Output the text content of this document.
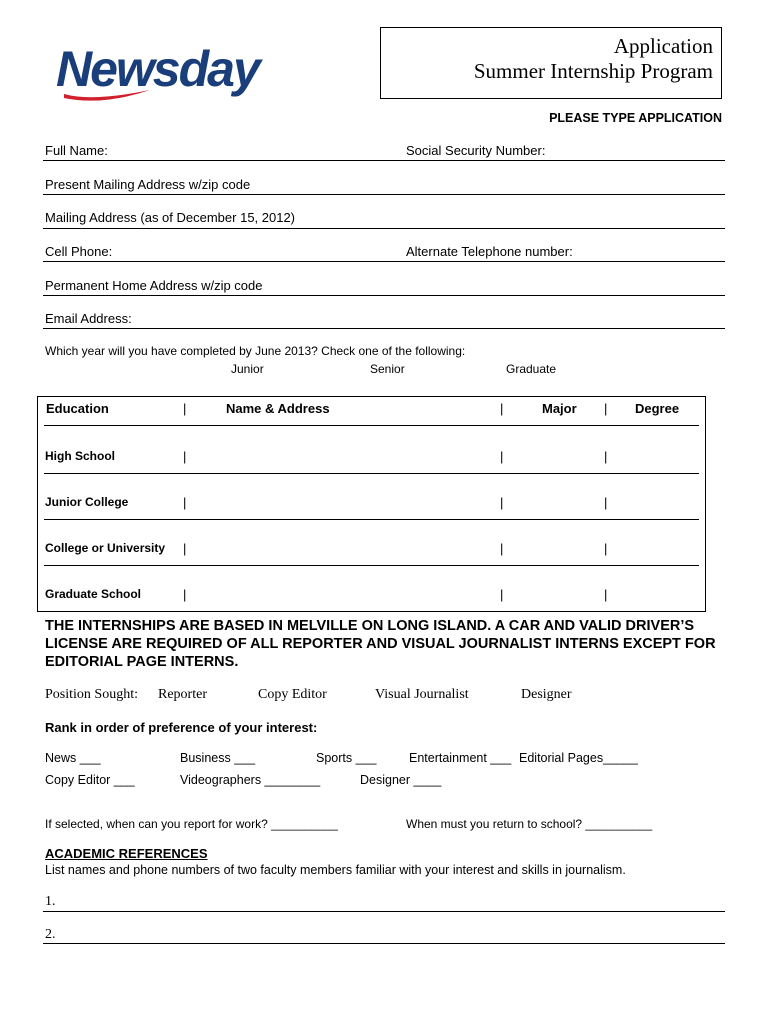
Newsday	Application
Summer Internship Program
PLEASE TYPE APPLICATION
Full Name:	Social Security Number:
Present Mailing Address w/zip code
Mailing Address (as of December 15, 2012)
Cell Phone:	Alternate Telephone number:
Permanent Home Address w/zip code
Email Address:
Which year will you have completed by June 2013? Check one of the following:
Junior	Senior	Graduate
Education	|	Name & Address	|	Major | Degree
High School	|	|	|
Junior College	|	|	|
College or University |	|	|
Graduate School	|	|	|
THE INTERNSHIPS ARE BASED IN MELVILLE ON LONG ISLAND. A CAR AND VALID DRIVER’S LICENSE ARE REQUIRED OF ALL REPORTER AND VISUAL JOURNALIST INTERNS EXCEPT FOR EDITORIAL PAGE INTERNS.
Position Sought: Reporter	Copy Editor	Visual Journalist	Designer
Rank in order of preference of your interest:
News ___	Business ___	Sports ___	Entertainment ___ Editorial Pages_____
Copy Editor ___	Videographers ________	Designer ____
If selected, when can you report for work? __________	When must you return to school? __________
ACADEMIC REFERENCES
List names and phone numbers of two faculty members familiar with your interest and skills in journalism.
1.
2.
